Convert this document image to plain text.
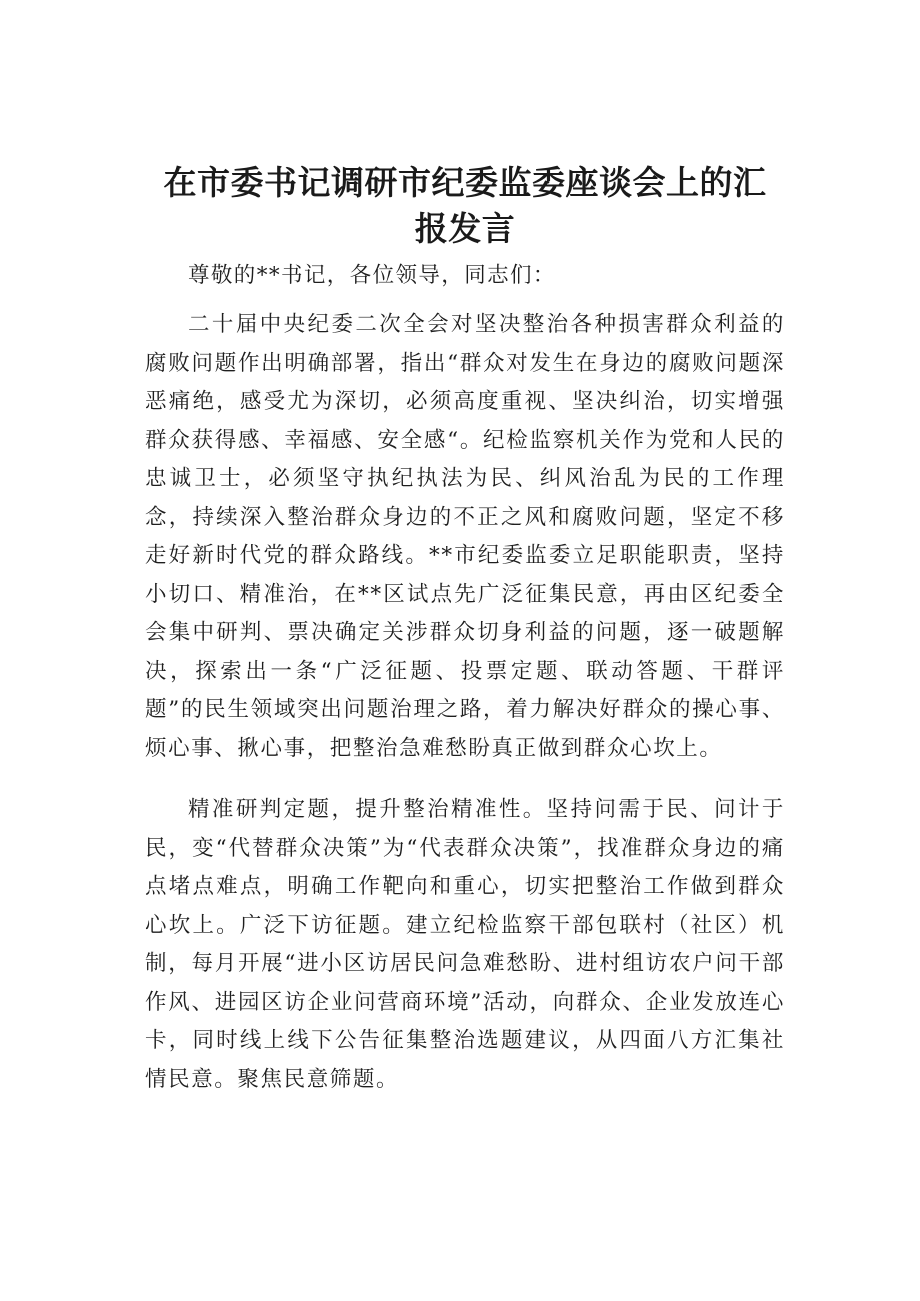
在市委书记调研市纪委监委座谈会上的汇报发言

尊敬的**书记，各位领导，同志们：

二十届中央纪委二次全会对坚决整治各种损害群众利益的腐败问题作出明确部署，指出“群众对发生在身边的腐败问题深恶痛绝，感受尤为深切，必须高度重视、坚决纠治，切实增强群众获得感、幸福感、安全感“。纪检监察机关作为党和人民的忠诚卫士，必须坚守执纪执法为民、纠风治乱为民的工作理念，持续深入整治群众身边的不正之风和腐败问题，坚定不移走好新时代党的群众路线。**市纪委监委立足职能职责，坚持小切口、精准治，在**区试点先广泛征集民意，再由区纪委全会集中研判、票决确定关涉群众切身利益的问题，逐一破题解决，探索出一条“广泛征题、投票定题、联动答题、干群评题”的民生领域突出问题治理之路，着力解决好群众的操心事、烦心事、揪心事，把整治急难愁盼真正做到群众心坎上。

精准研判定题，提升整治精准性。坚持问需于民、问计于民，变“代替群众决策”为“代表群众决策”，找准群众身边的痛点堵点难点，明确工作靶向和重心，切实把整治工作做到群众心坎上。广泛下访征题。建立纪检监察干部包联村（社区）机制，每月开展“进小区访居民问急难愁盼、进村组访农户问干部作风、进园区访企业问营商环境”活动，向群众、企业发放连心卡，同时线上线下公告征集整治选题建议，从四面八方汇集社情民意。聚焦民意筛题。
